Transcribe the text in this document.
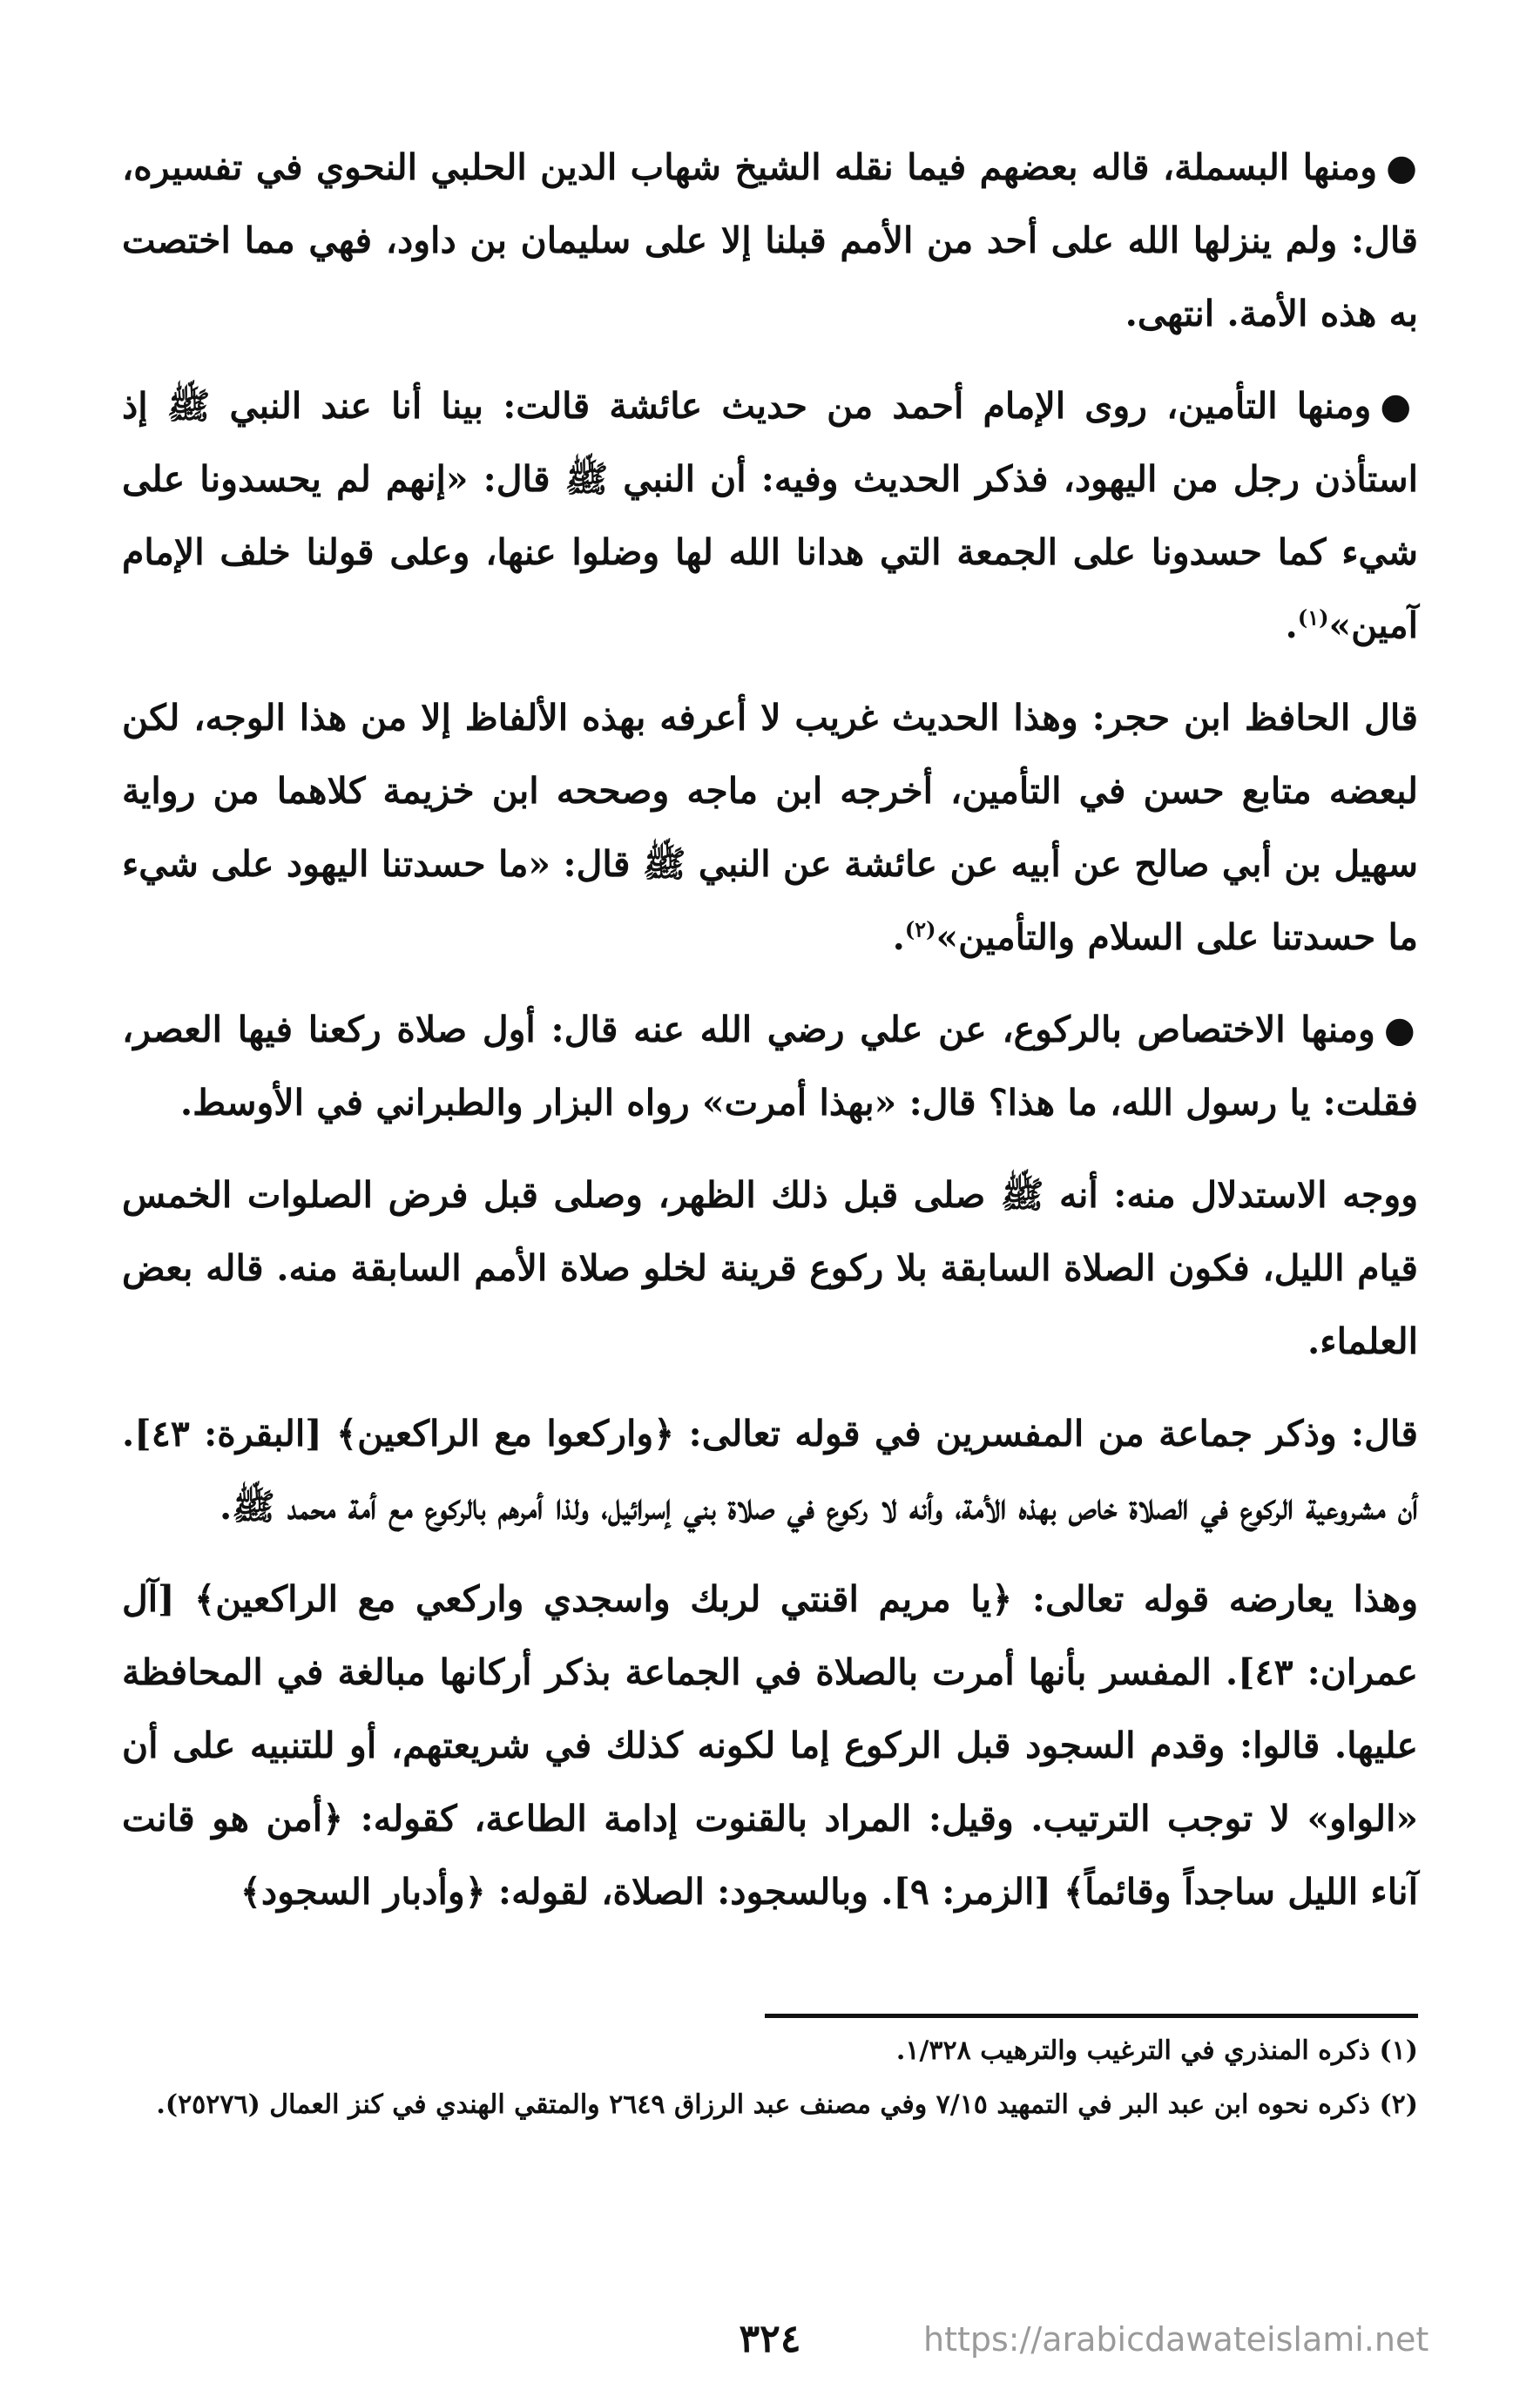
●ومنها البسملة، قاله بعضهم فيما نقله الشيخ شهاب الدين الحلبي النحوي في تفسيره، قال: ولم ينزلها الله على أحد من الأمم قبلنا إلا على سليمان بن داود، فهي مما اختصت به هذه الأمة. انتهى.

●ومنها التأمين، روى الإمام أحمد من حديث عائشة قالت: بينا أنا عند النبي ﷺ إذ استأذن رجل من اليهود، فذكر الحديث وفيه: أن النبي ﷺ قال: «إنهم لم يحسدونا على شيء كما حسدونا على الجمعة التي هدانا الله لها وضلوا عنها، وعلى قولنا خلف الإمام آمين»$^{(١)}$.

قال الحافظ ابن حجر: وهذا الحديث غريب لا أعرفه بهذه الألفاظ إلا من هذا الوجه، لكن لبعضه متابع حسن في التأمين، أخرجه ابن ماجه وصححه ابن خزيمة كلاهما من رواية سهيل بن أبي صالح عن أبيه عن عائشة عن النبي ﷺ قال: «ما حسدتنا اليهود على شيء ما حسدتنا على السلام والتأمين»$^{(٢)}$.

●ومنها الاختصاص بالركوع، عن علي رضي الله عنه قال: أول صلاة ركعنا فيها العصر، فقلت: يا رسول الله، ما هذا؟ قال: «بهذا أمرت» رواه البزار والطبراني في الأوسط.

ووجه الاستدلال منه: أنه ﷺ صلى قبل ذلك الظهر، وصلى قبل فرض الصلوات الخمس قيام الليل، فكون الصلاة السابقة بلا ركوع قرينة لخلو صلاة الأمم السابقة منه. قاله بعض العلماء.

قال: وذكر جماعة من المفسرين في قوله تعالى: ﴿واركعوا مع الراكعين﴾ [البقرة: ٤٣]. أن مشروعية الركوع في الصلاة خاص بهذه الأمة، وأنه لا ركوع في صلاة بني إسرائيل، ولذا أمرهم بالركوع مع أمة محمد ﷺ.

وهذا يعارضه قوله تعالى: ﴿يا مريم اقنتي لربك واسجدي واركعي مع الراكعين﴾ [آل عمران: ٤٣]. المفسر بأنها أمرت بالصلاة في الجماعة بذكر أركانها مبالغة في المحافظة عليها. قالوا: وقدم السجود قبل الركوع إما لكونه كذلك في شريعتهم، أو للتنبيه على أن «الواو» لا توجب الترتيب. وقيل: المراد بالقنوت إدامة الطاعة، كقوله: ﴿أمن هو قانت آناء الليل ساجداً وقائماً﴾ [الزمر: ٩]. وبالسجود: الصلاة، لقوله: ﴿وأدبار السجود﴾

(١) ذكره المنذري في الترغيب والترهيب ١/٣٢٨.

(٢) ذكره نحوه ابن عبد البر في التمهيد ٧/١٥ وفي مصنف عبد الرزاق ٢٦٤٩ والمتقي الهندي في كنز العمال (٢٥٢٧٦).

٣٢٤	https://arabicdawateislami.net
